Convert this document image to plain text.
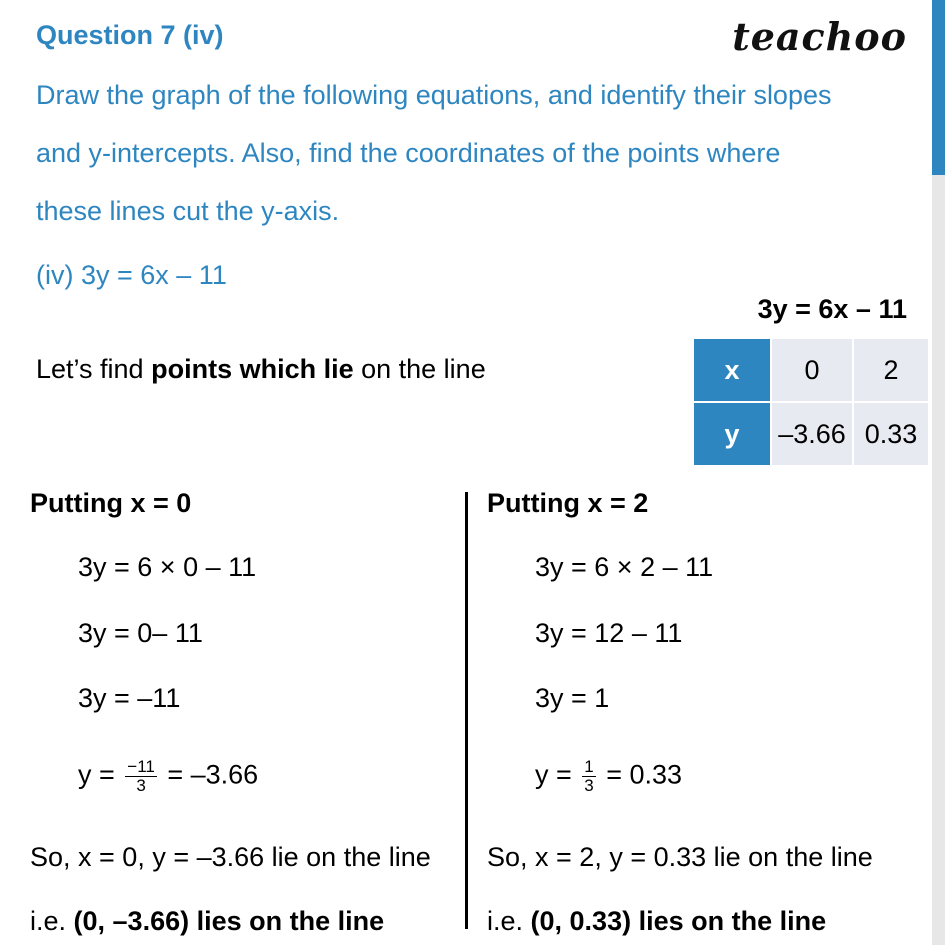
Question 7 (iv)	teachoo
Draw the graph of the following equations, and identify their slopes
and y-intercepts. Also, find the coordinates of the points where
these lines cut the y-axis.
(iv) 3y = 6x – 11
Let’s find points which lie on the line
3y = 6x – 11
x	0	2
y	–3.66	0.33
Putting x = 0
3y = 6 × 0 – 11
3y = 0– 11
3y = –11
$y = \frac{-11}{3} = -3.66$
So, x = 0, y = –3.66 lie on the line
i.e. (0, –3.66) lies on the line
Putting x = 2
3y = 6 × 2 – 11
3y = 12 – 11
3y = 1
$y = \frac{1}{3} = 0.33$
So, x = 2, y = 0.33 lie on the line
i.e. (0, 0.33) lies on the line
